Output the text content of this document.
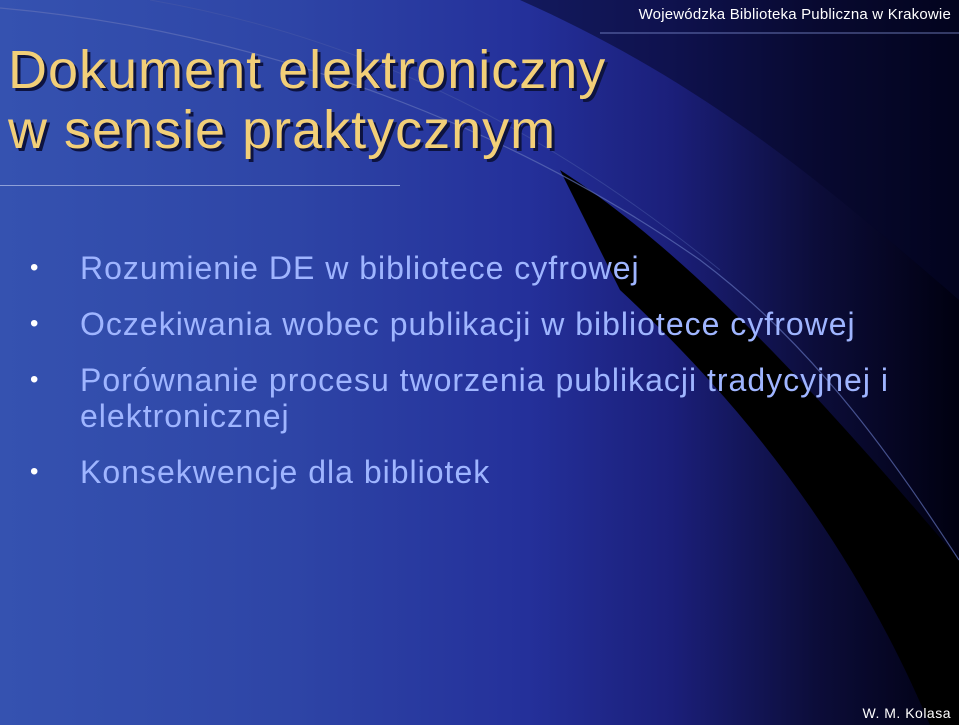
Wojewódzka Biblioteka Publiczna w Krakowie
Dokument elektroniczny
w sensie praktycznym
• Rozumienie DE w bibliotece cyfrowej
• Oczekiwania wobec publikacji w bibliotece cyfrowej
• Porównanie procesu tworzenia publikacji tradycyjnej i elektronicznej
• Konsekwencje dla bibliotek
W. M. Kolasa
